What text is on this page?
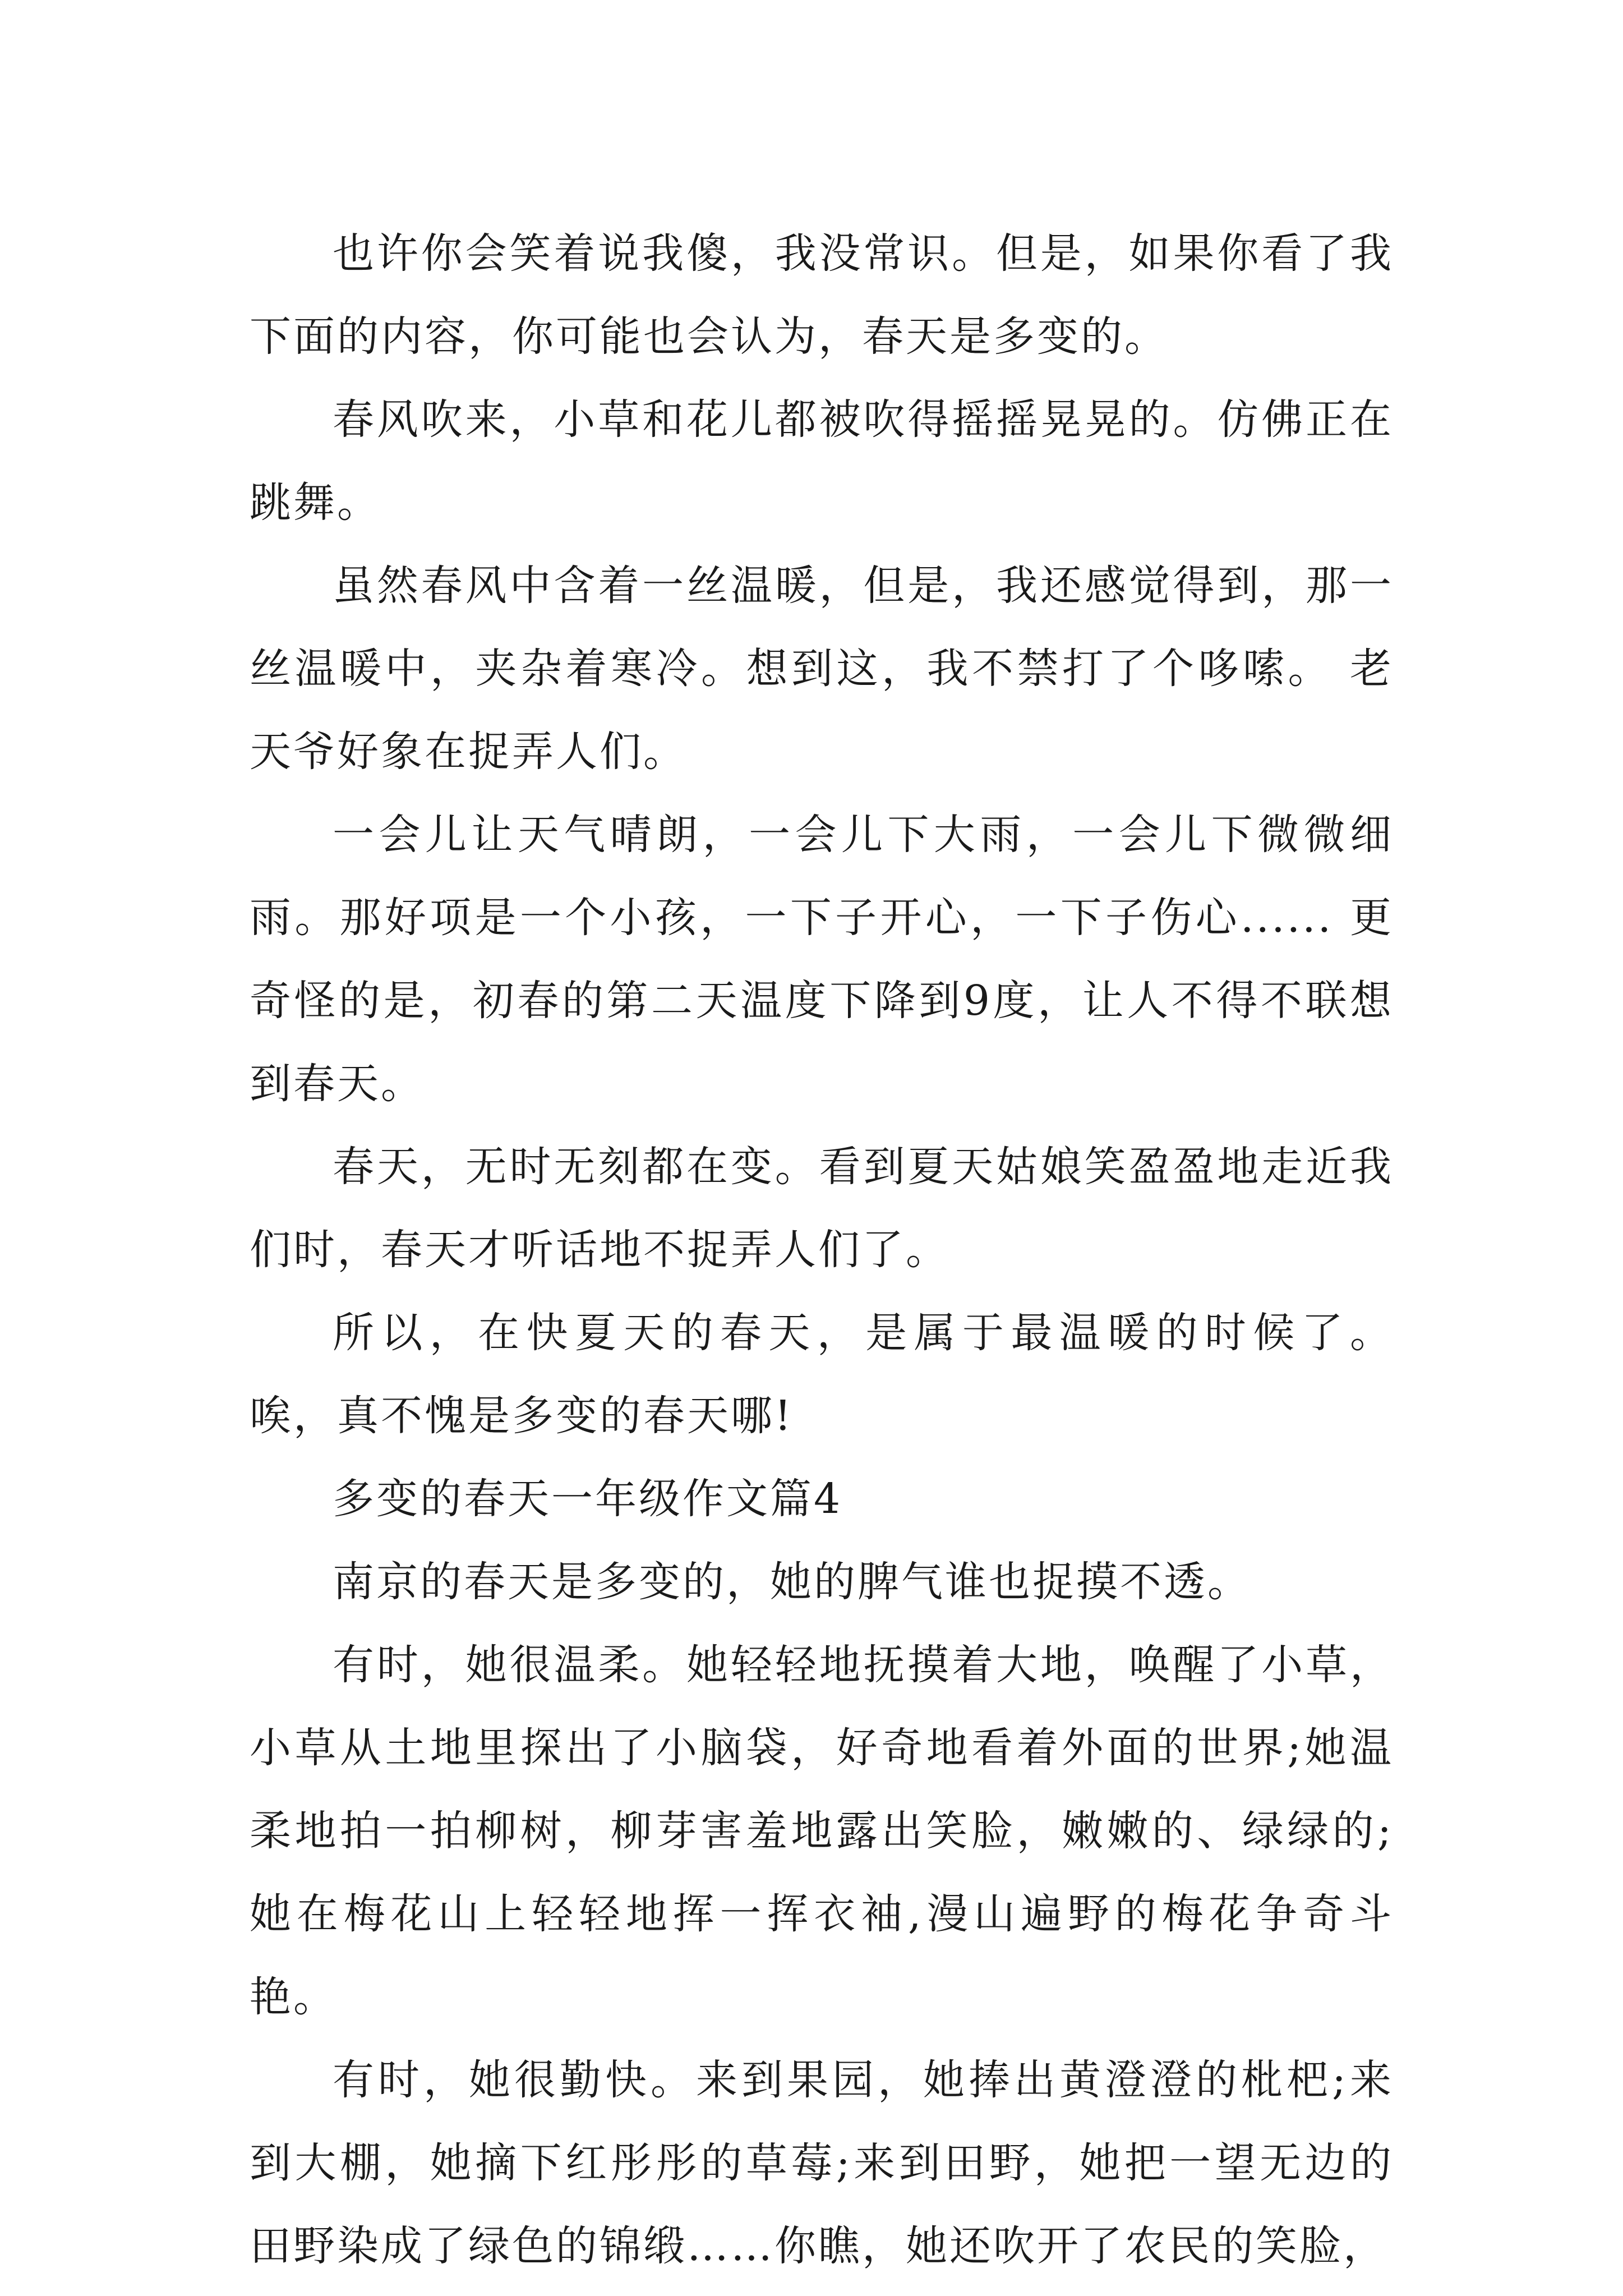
也许你会笑着说我傻，我没常识。但是，如果你看了我下面的内容，你可能也会认为，春天是多变的。

春风吹来，小草和花儿都被吹得摇摇晃晃的。仿佛正在跳舞。

虽然春风中含着一丝温暖，但是，我还感觉得到，那一丝温暖中，夹杂着寒冷。想到这，我不禁打了个哆嗦。 老天爷好象在捉弄人们。

一会儿让天气晴朗，一会儿下大雨，一会儿下微微细雨。那好项是一个小孩，一下子开心，一下子伤心...... 更奇怪的是，初春的第二天温度下降到9度，让人不得不联想到春天。

春天，无时无刻都在变。看到夏天姑娘笑盈盈地走近我们时，春天才听话地不捉弄人们了。

所以，在快夏天的春天，是属于最温暖的时候了。 唉，真不愧是多变的春天哪!

多变的春天一年级作文篇4

南京的春天是多变的，她的脾气谁也捉摸不透。

有时，她很温柔。她轻轻地抚摸着大地，唤醒了小草，小草从土地里探出了小脑袋，好奇地看着外面的世界;她温柔地拍一拍柳树，柳芽害羞地露出笑脸，嫩嫩的、绿绿的;她在梅花山上轻轻地挥一挥衣袖,漫山遍野的梅花争奇斗艳。

有时，她很勤快。来到果园，她捧出黄澄澄的枇杷;来到大棚，她摘下红彤彤的草莓;来到田野，她把一望无边的田野染成了绿色的锦缎……你瞧，她还吹开了农民的笑脸，
